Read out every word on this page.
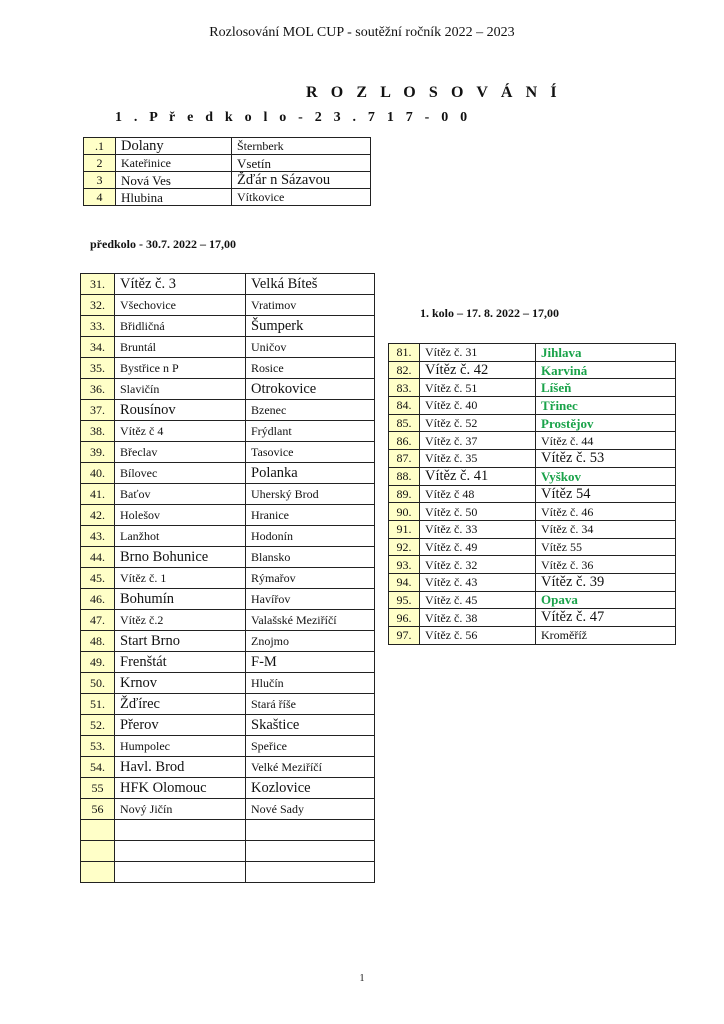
Rozlosování MOL CUP - soutěžní ročník 2022 – 2023
R O Z L O S O V Á N Í
1 . P ř e d k o l o - 2 3 . 7 1 7 - 0 0
.1	Dolany	Šternberk
2	Kateřinice	Vsetín
3	Nová Ves	Žďár n Sázavou
4	Hlubina	Vítkovice
předkolo - 30.7. 2022 – 17,00
31.	Vítěz č. 3	Velká Bíteš
32.	Všechovice	Vratimov
33.	Břidličná	Šumperk
34.	Bruntál	Uničov
35.	Bystřice n P	Rosice
36.	Slavičín	Otrokovice
37.	Rousínov	Bzenec
38.	Vítěz č 4	Frýdlant
39.	Břeclav	Tasovice
40.	Bílovec	Polanka
41.	Baťov	Uherský Brod
42.	Holešov	Hranice
43.	Lanžhot	Hodonín
44.	Brno Bohunice	Blansko
45.	Vítěz č. 1	Rýmařov
46.	Bohumín	Havířov
47.	Vítěz č.2	Valašské Meziříčí
48.	Start Brno	Znojmo
49.	Frenštát	F-M
50.	Krnov	Hlučín
51.	Žďírec	Stará říše
52.	Přerov	Skaštice
53.	Humpolec	Speřice
54.	Havl. Brod	Velké Meziříčí
55	HFK Olomouc	Kozlovice
56	Nový Jičín	Nové Sady

1. kolo – 17. 8. 2022 – 17,00
81.	Vítěz č. 31	Jihlava
82.	Vítěz č. 42	Karviná
83.	Vítěz č. 51	Líšeň
84.	Vítěz č. 40	Třinec
85.	Vítěz č. 52	Prostějov
86.	Vítěz č. 37	Vítěz č. 44
87.	Vítěz č. 35	Vítěz č. 53
88.	Vítěz č. 41	Vyškov
89.	Vítěz č 48	Vítěz 54
90.	Vítěz č. 50	Vítěz č. 46
91.	Vítěz č. 33	Vítěz č. 34
92.	Vítěz č. 49	Vítěz 55
93.	Vítěz č. 32	Vítěz č. 36
94.	Vítěz č. 43	Vítěz č. 39
95.	Vítěz č. 45	Opava
96.	Vítěz č. 38	Vítěz č. 47
97.	Vítěz č. 56	Kroměříž
1
